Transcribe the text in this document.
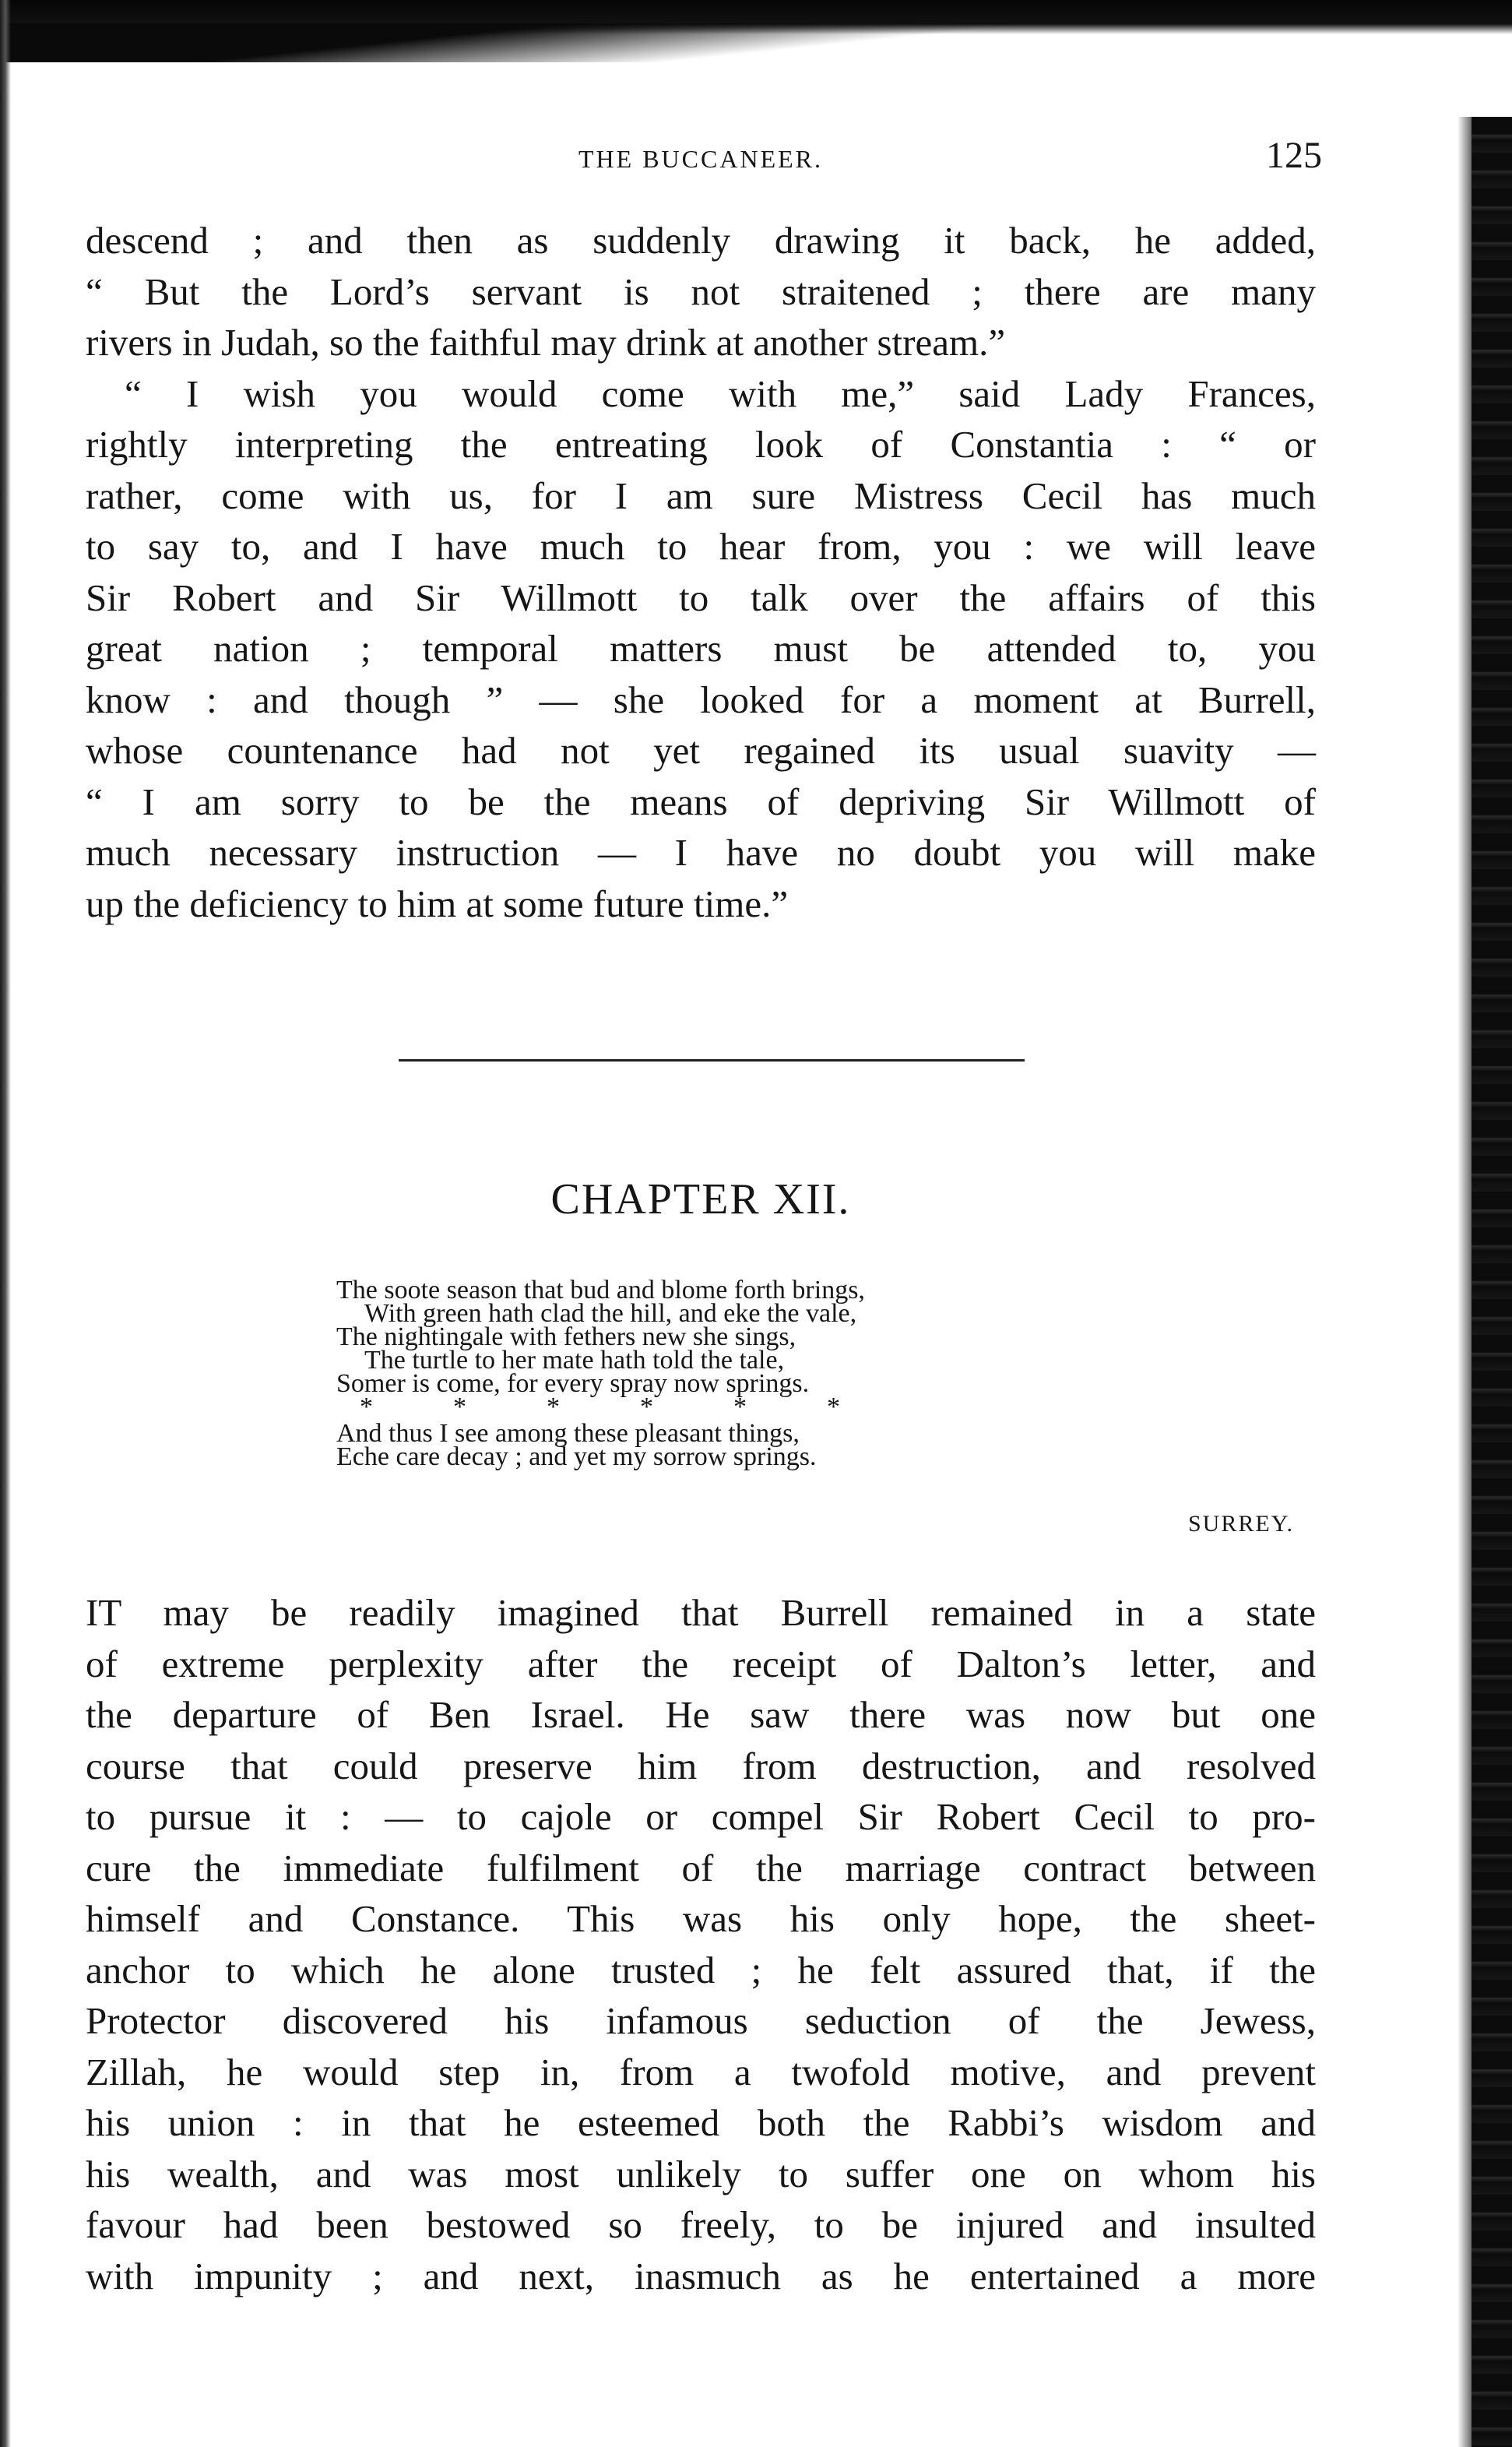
THE BUCCANEER.	125
descend ; and then as suddenly drawing it back, he added,
“ But the Lord’s servant is not straitened ; there are many
rivers in Judah, so the faithful may drink at another stream.”
“ I wish you would come with me,” said Lady Frances,
rightly interpreting the entreating look of Constantia : “ or
rather, come with us, for I am sure Mistress Cecil has much
to say to, and I have much to hear from, you : we will leave
Sir Robert and Sir Willmott to talk over the affairs of this
great nation ; temporal matters must be attended to, you
know : and though ” — she looked for a moment at Burrell,
whose countenance had not yet regained its usual suavity —
“ I am sorry to be the means of depriving Sir Willmott of
much necessary instruction — I have no doubt you will make
up the deficiency to him at some future time.”
CHAPTER XII.
The soote season that bud and blome forth brings,
With green hath clad the hill, and eke the vale,
The nightingale with fethers new she sings,
The turtle to her mate hath told the tale,
Somer is come, for every spray now springs.
*	*	*	*	*	*
And thus I see among these pleasant things,
Eche care decay ; and yet my sorrow springs.
SURREY.
IT may be readily imagined that Burrell remained in a state
of extreme perplexity after the receipt of Dalton’s letter, and
the departure of Ben Israel. He saw there was now but one
course that could preserve him from destruction, and resolved
to pursue it : — to cajole or compel Sir Robert Cecil to pro-
cure the immediate fulfilment of the marriage contract between
himself and Constance. This was his only hope, the sheet-
anchor to which he alone trusted ; he felt assured that, if the
Protector discovered his infamous seduction of the Jewess,
Zillah, he would step in, from a twofold motive, and prevent
his union : in that he esteemed both the Rabbi’s wisdom and
his wealth, and was most unlikely to suffer one on whom his
favour had been bestowed so freely, to be injured and insulted
with impunity ; and next, inasmuch as he entertained a more
